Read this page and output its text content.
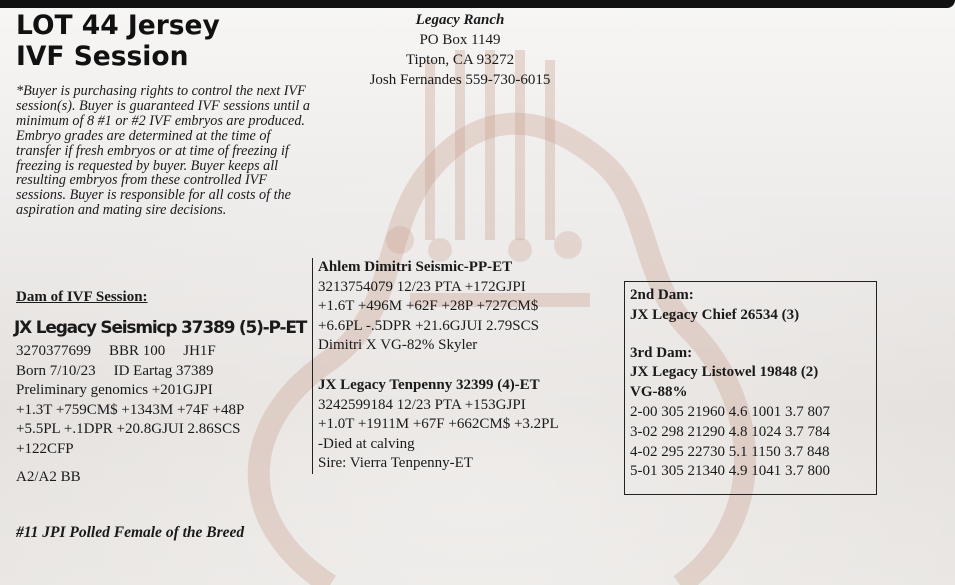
LOT 44 Jersey
IVF Session

*Buyer is purchasing rights to control the next IVF session(s). Buyer is guaranteed IVF sessions until a minimum of 8 #1 or #2 IVF embryos are produced. Embryo grades are determined at the time of transfer if fresh embryos or at time of freezing if freezing is requested by buyer. Buyer keeps all resulting embryos from these controlled IVF sessions. Buyer is responsible for all costs of the aspiration and mating sire decisions.

Legacy Ranch
PO Box 1149
Tipton, CA 93272
Josh Fernandes 559-730-6015

Dam of IVF Session:

JX Legacy Seismicp 37389 (5)-P-ET

3270377699 BBR 100 JH1F
Born 7/10/23 ID Eartag 37389
Preliminary genomics +201GJPI
+1.3T +759CM$ +1343M +74F +48P
+5.5PL +.1DPR +20.8GJUI 2.86SCS
+122CFP
A2/A2 BB

#11 JPI Polled Female of the Breed

Ahlem Dimitri Seismic-PP-ET
3213754079 12/23 PTA +172GJPI
+1.6T +496M +62F +28P +727CM$
+6.6PL -.5DPR +21.6GJUI 2.79SCS
Dimitri X VG-82% Skyler
JX Legacy Tenpenny 32399 (4)-ET
3242599184 12/23 PTA +153GJPI
+1.0T +1911M +67F +662CM$ +3.2PL
-Died at calving
Sire: Vierra Tenpenny-ET
2nd Dam:
JX Legacy Chief 26534 (3)
3rd Dam:
JX Legacy Listowel 19848 (2)
VG-88%
2-00 305 21960 4.6 1001 3.7 807
3-02 298 21290 4.8 1024 3.7 784
4-02 295 22730 5.1 1150 3.7 848
5-01 305 21340 4.9 1041 3.7 800
